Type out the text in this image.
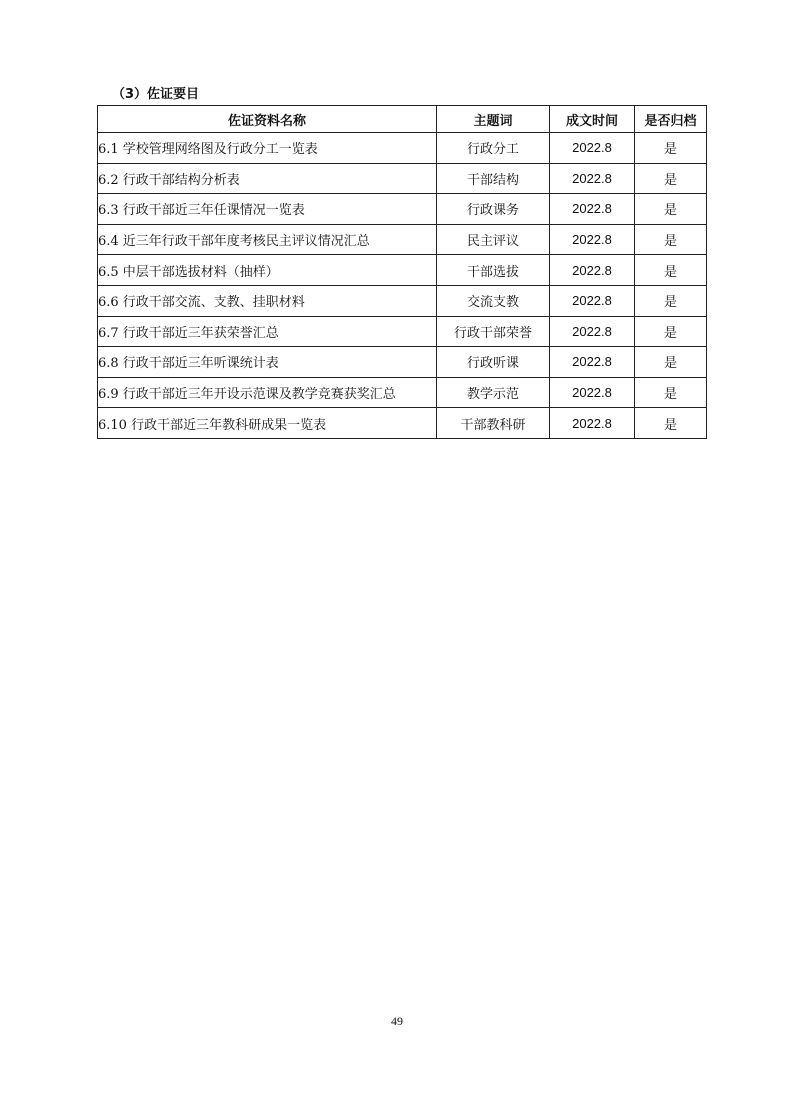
（3）佐证要目
佐证资料名称	主题词	成文时间	是否归档
6.1 学校管理网络图及行政分工一览表	行政分工	2022.8	是
6.2 行政干部结构分析表	干部结构	2022.8	是
6.3 行政干部近三年任课情况一览表	行政课务	2022.8	是
6.4 近三年行政干部年度考核民主评议情况汇总	民主评议	2022.8	是
6.5 中层干部选拔材料（抽样）	干部选拔	2022.8	是
6.6 行政干部交流、支教、挂职材料	交流支教	2022.8	是
6.7 行政干部近三年获荣誉汇总	行政干部荣誉	2022.8	是
6.8 行政干部近三年听课统计表	行政听课	2022.8	是
6.9 行政干部近三年开设示范课及教学竞赛获奖汇总	教学示范	2022.8	是
6.10 行政干部近三年教科研成果一览表	干部教科研	2022.8	是
49
